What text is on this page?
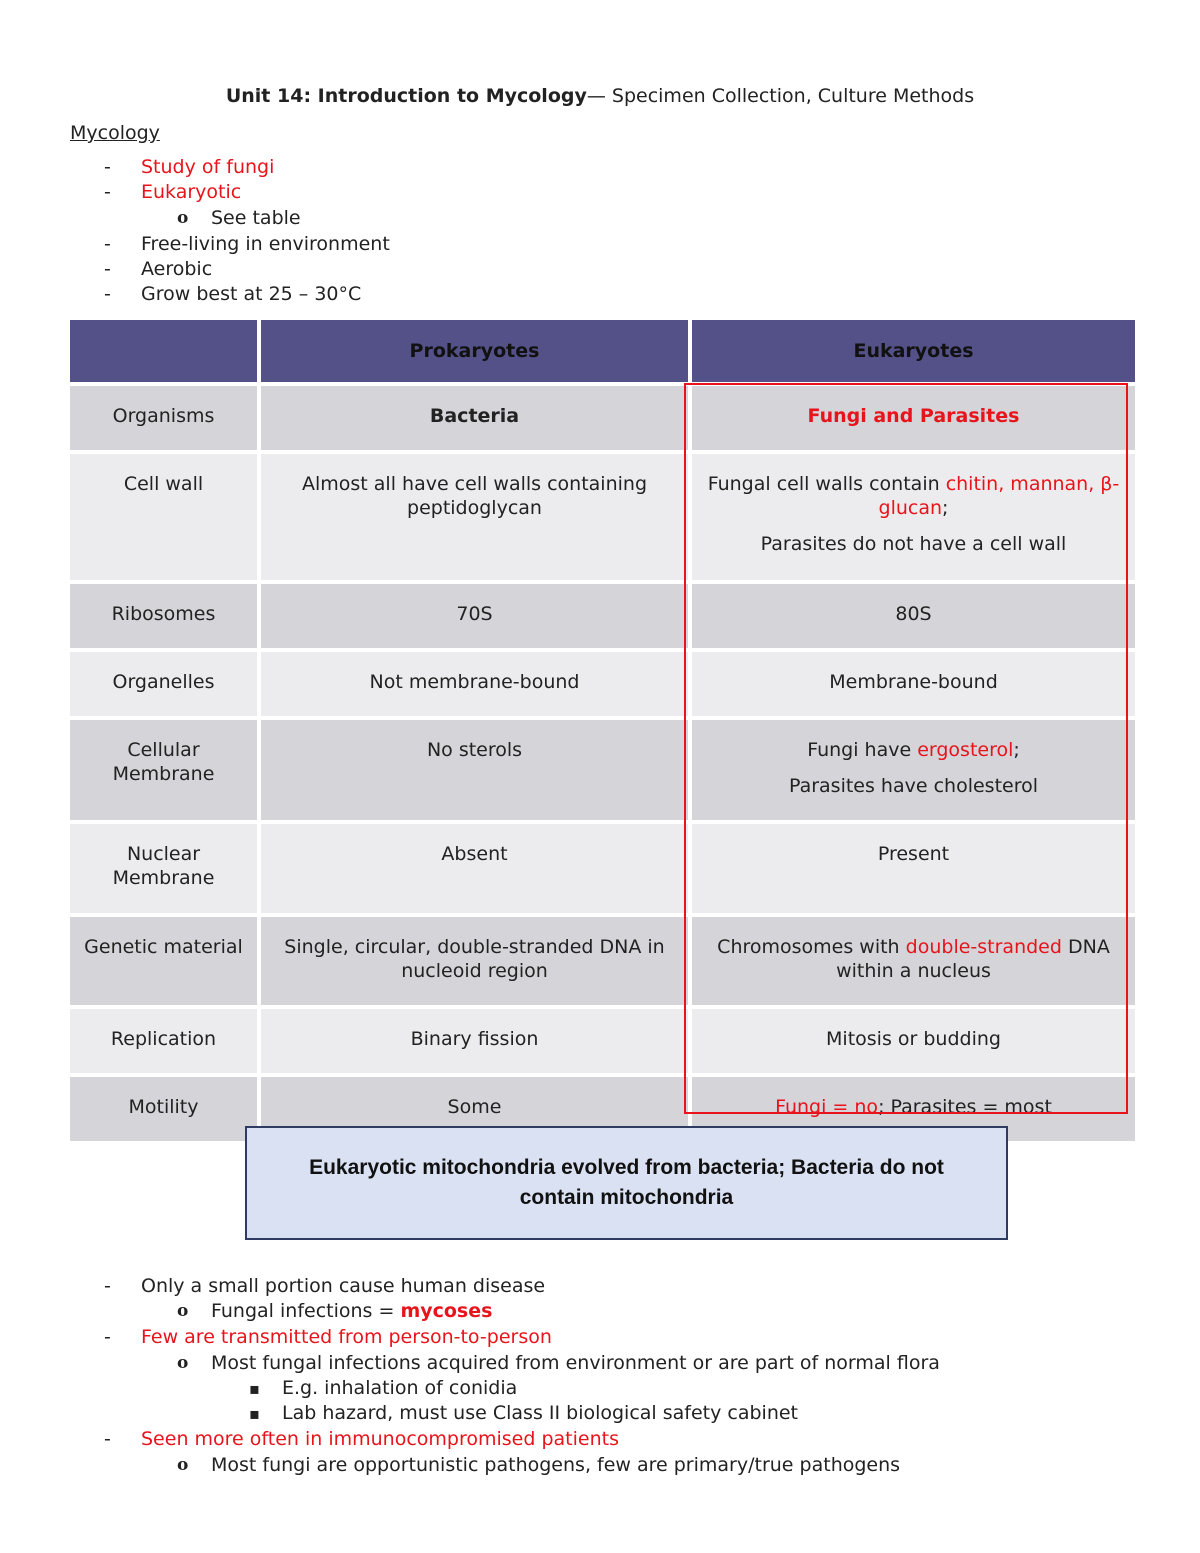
Unit 14: Introduction to Mycology— Specimen Collection, Culture Methods
Mycology
- Study of fungi
- Eukaryotic
o See table
- Free-living in environment
- Aerobic
- Grow best at 25 – 30°C
	Prokaryotes	Eukaryotes
Organisms	Bacteria	Fungi and Parasites
Cell wall	Almost all have cell walls containing peptidoglycan	Fungal cell walls contain chitin, mannan, β-glucan;

Parasites do not have a cell wall

Ribosomes	70S	80S
Organelles	Not membrane-bound	Membrane-bound
Cellular Membrane	No sterols	Fungi have ergosterol;

Parasites have cholesterol

Nuclear Membrane	Absent	Present
Genetic material	Single, circular, double-stranded DNA in nucleoid region	Chromosomes with double-stranded DNA within a nucleus
Replication	Binary fission	Mitosis or budding
Motility	Some	Fungi = no; Parasites = most
Eukaryotic mitochondria evolved from bacteria; Bacteria do not contain mitochondria
- Only a small portion cause human disease
o Fungal infections = mycoses
- Few are transmitted from person-to-person
o Most fungal infections acquired from environment or are part of normal flora
▪ E.g. inhalation of conidia
▪ Lab hazard, must use Class II biological safety cabinet
- Seen more often in immunocompromised patients
o Most fungi are opportunistic pathogens, few are primary/true pathogens
